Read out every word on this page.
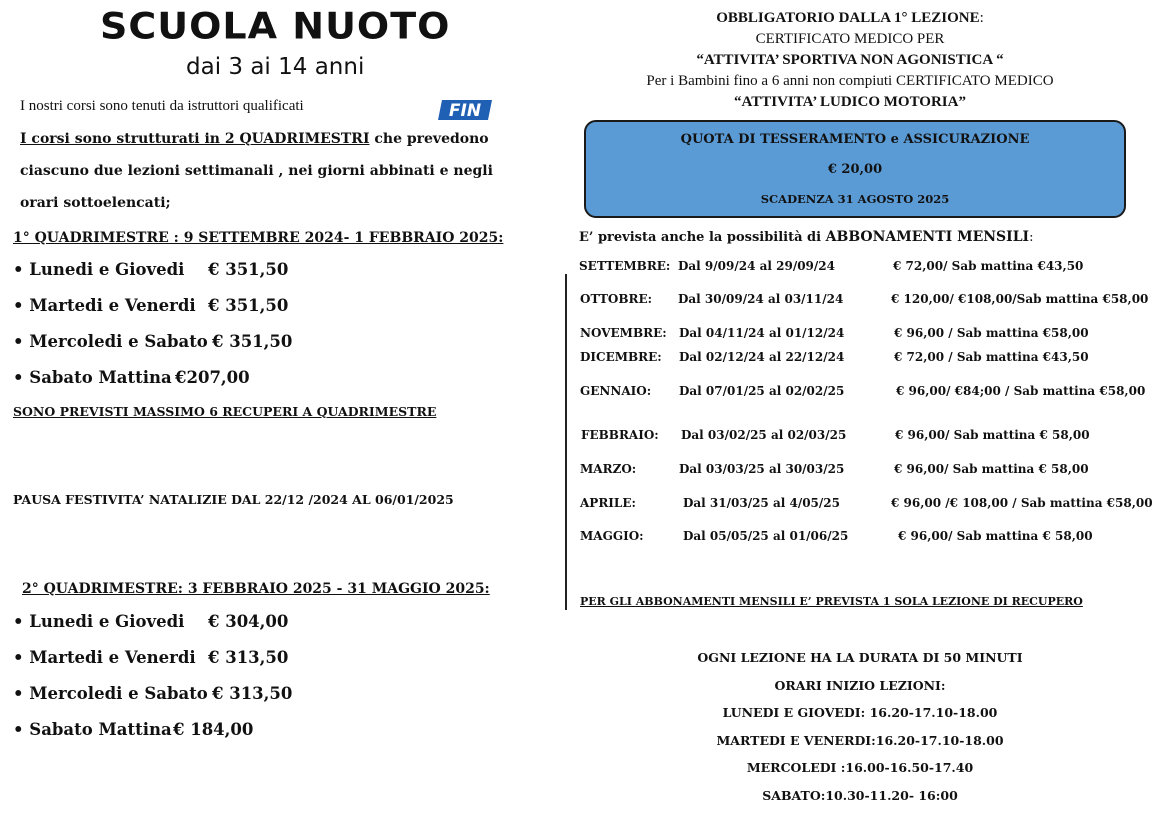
SCUOLA NUOTO
dai 3 ai 14 anni
I nostri corsi sono tenuti da istruttori qualificati	FIN
I corsi sono strutturati in 2 QUADRIMESTRI che prevedono
ciascuno due lezioni settimanali , nei giorni abbinati e negli
orari sottoelencati;
1° QUADRIMESTRE : 9 SETTEMBRE 2024- 1 FEBBRAIO 2025:
• Lunedi e Giovedi € 351,50
• Martedi e Venerdi € 351,50
• Mercoledi e Sabato € 351,50
• Sabato Mattina €207,00
SONO PREVISTI MASSIMO 6 RECUPERI A QUADRIMESTRE
PAUSA FESTIVITA’ NATALIZIE DAL 22/12 /2024 AL 06/01/2025
2° QUADRIMESTRE: 3 FEBBRAIO 2025 - 31 MAGGIO 2025:
• Lunedi e Giovedi € 304,00
• Martedi e Venerdi € 313,50
• Mercoledi e Sabato € 313,50
• Sabato Mattina€ 184,00
OBBLIGATORIO DALLA 1° LEZIONE:
CERTIFICATO MEDICO PER
“ATTIVITA’ SPORTIVA NON AGONISTICA “
Per i Bambini fino a 6 anni non compiuti CERTIFICATO MEDICO
“ATTIVITA’ LUDICO MOTORIA”
QUOTA DI TESSERAMENTO e ASSICURAZIONE
€ 20,00
SCADENZA 31 AGOSTO 2025
E’ prevista anche la possibilità di ABBONAMENTI MENSILI:
SETTEMBRE: Dal 9/09/24 al 29/09/24	€ 72,00/ Sab mattina €43,50
OTTOBRE: Dal 30/09/24 al 03/11/24	€ 120,00/ €108,00/Sab mattina €58,00
NOVEMBRE: Dal 04/11/24 al 01/12/24	€ 96,00 / Sab mattina €58,00
DICEMBRE: Dal 02/12/24 al 22/12/24	€ 72,00 / Sab mattina €43,50
GENNAIO: Dal 07/01/25 al 02/02/25	€ 96,00/ €84;00 / Sab mattina €58,00
FEBBRAIO: Dal 03/02/25 al 02/03/25	€ 96,00/ Sab mattina € 58,00
MARZO:	Dal 03/03/25 al 30/03/25	€ 96,00/ Sab mattina € 58,00
APRILE:	Dal 31/03/25 al 4/05/25	€ 96,00 /€ 108,00 / Sab mattina €58,00
MAGGIO:	Dal 05/05/25 al 01/06/25	€ 96,00/ Sab mattina € 58,00
PER GLI ABBONAMENTI MENSILI E’ PREVISTA 1 SOLA LEZIONE DI RECUPERO
OGNI LEZIONE HA LA DURATA DI 50 MINUTI
ORARI INIZIO LEZIONI:
LUNEDI E GIOVEDI: 16.20-17.10-18.00
MARTEDI E VENERDI:16.20-17.10-18.00
MERCOLEDI :16.00-16.50-17.40
SABATO:10.30-11.20- 16:00
